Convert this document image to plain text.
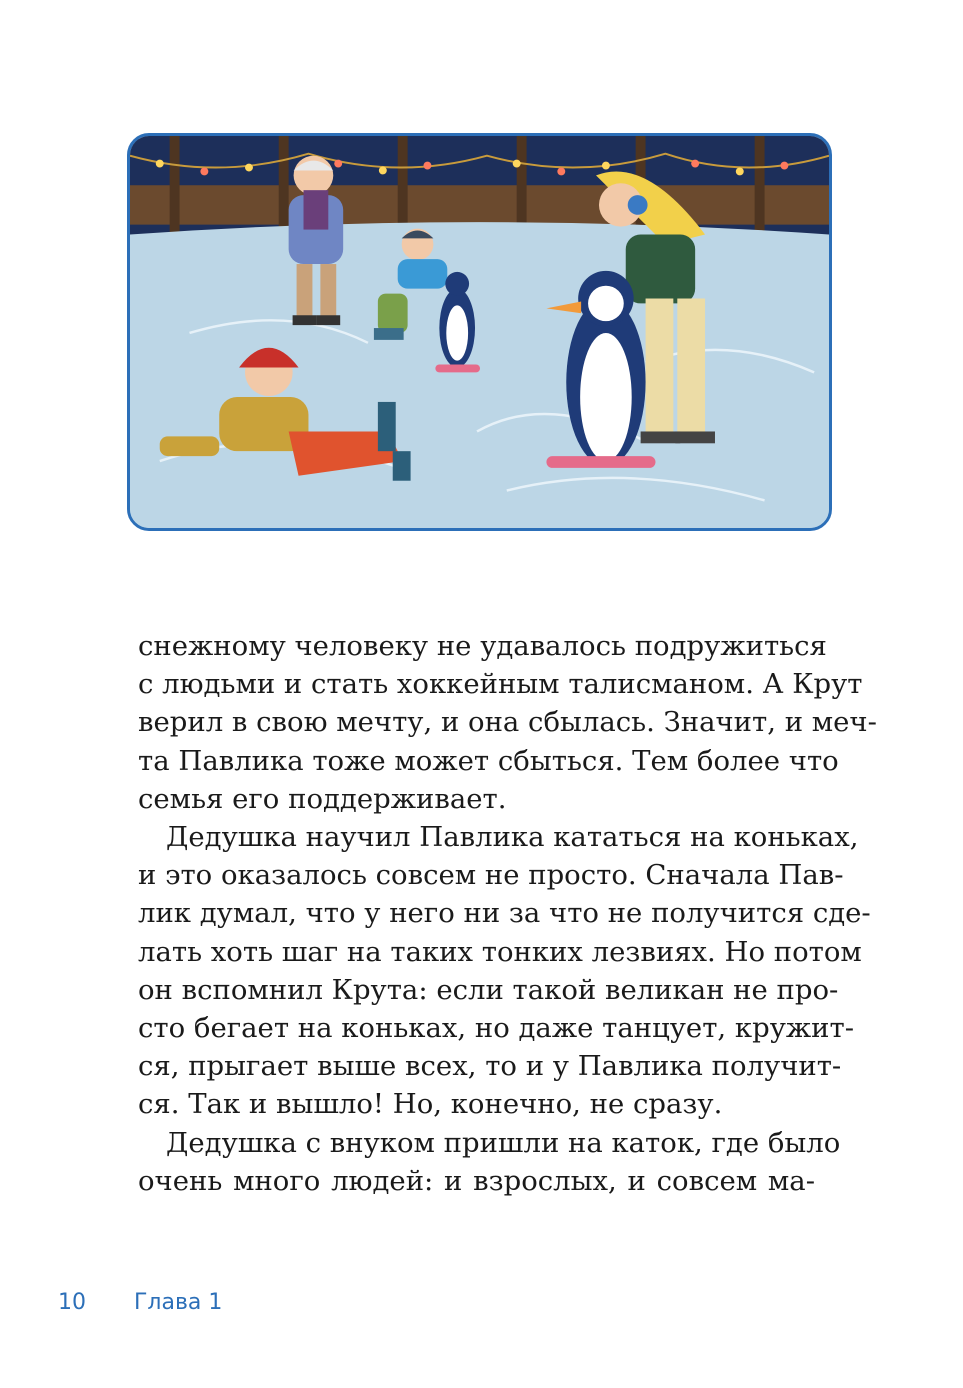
снежному человеку не удавалось подружиться
с людьми и стать хоккейным талисманом. А Крут
верил в свою мечту, и она сбылась. Значит, и меч-
та Павлика тоже может сбыться. Тем более что
семья его поддерживает.
Дедушка научил Павлика кататься на коньках,
и это оказалось совсем не просто. Сначала Пав-
лик думал, что у него ни за что не получится сде-
лать хоть шаг на таких тонких лезвиях. Но потом
он вспомнил Крута: если такой великан не про-
сто бегает на коньках, но даже танцует, кружит-
ся, прыгает выше всех, то и у Павлика получит-
ся. Так и вышло! Но, конечно, не сразу.
Дедушка с внуком пришли на каток, где было
очень много людей: и взрослых, и совсем ма-
10 Глава 1
